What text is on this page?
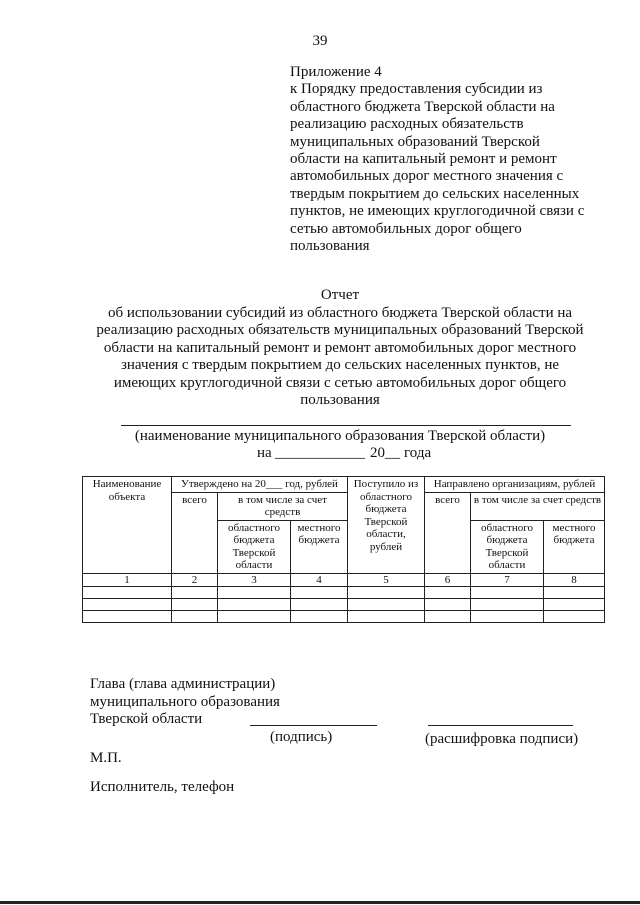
39
Приложение 4
к Порядку предоставления субсидии из
областного бюджета Тверской области на
реализацию расходных обязательств
муниципальных образований Тверской
области на капитальный ремонт и ремонт
автомобильных дорог местного значения с
твердым покрытием до сельских населенных
пунктов, не имеющих круглогодичной связи с
сетью автомобильных дорог общего
пользования
Отчет
об использовании субсидий из областного бюджета Тверской области на
реализацию расходных обязательств муниципальных образований Тверской
области на капитальный ремонт и ремонт автомобильных дорог местного
значения с твердым покрытием до сельских населенных пунктов, не
имеющих круглогодичной связи с сетью автомобильных дорог общего
пользования
(наименование муниципального образования Тверской области)
на ____________ 20__ года
Наименование объекта	Утверждено на 20___ год, рублей			Поступило из областного бюджета Тверской области, рублей	Направлено организациям, рублей		
	всего	в том числе за счет средств			всего	в том числе за счет средств	
		областного бюджета Тверской области	местного бюджета			областного бюджета Тверской области	местного бюджета
1	2	3	4	5	6	7	8

Глава (глава администрации)
муниципального образования
Тверской области
(подпись)	(расшифровка подписи)
М.П.
Исполнитель, телефон
